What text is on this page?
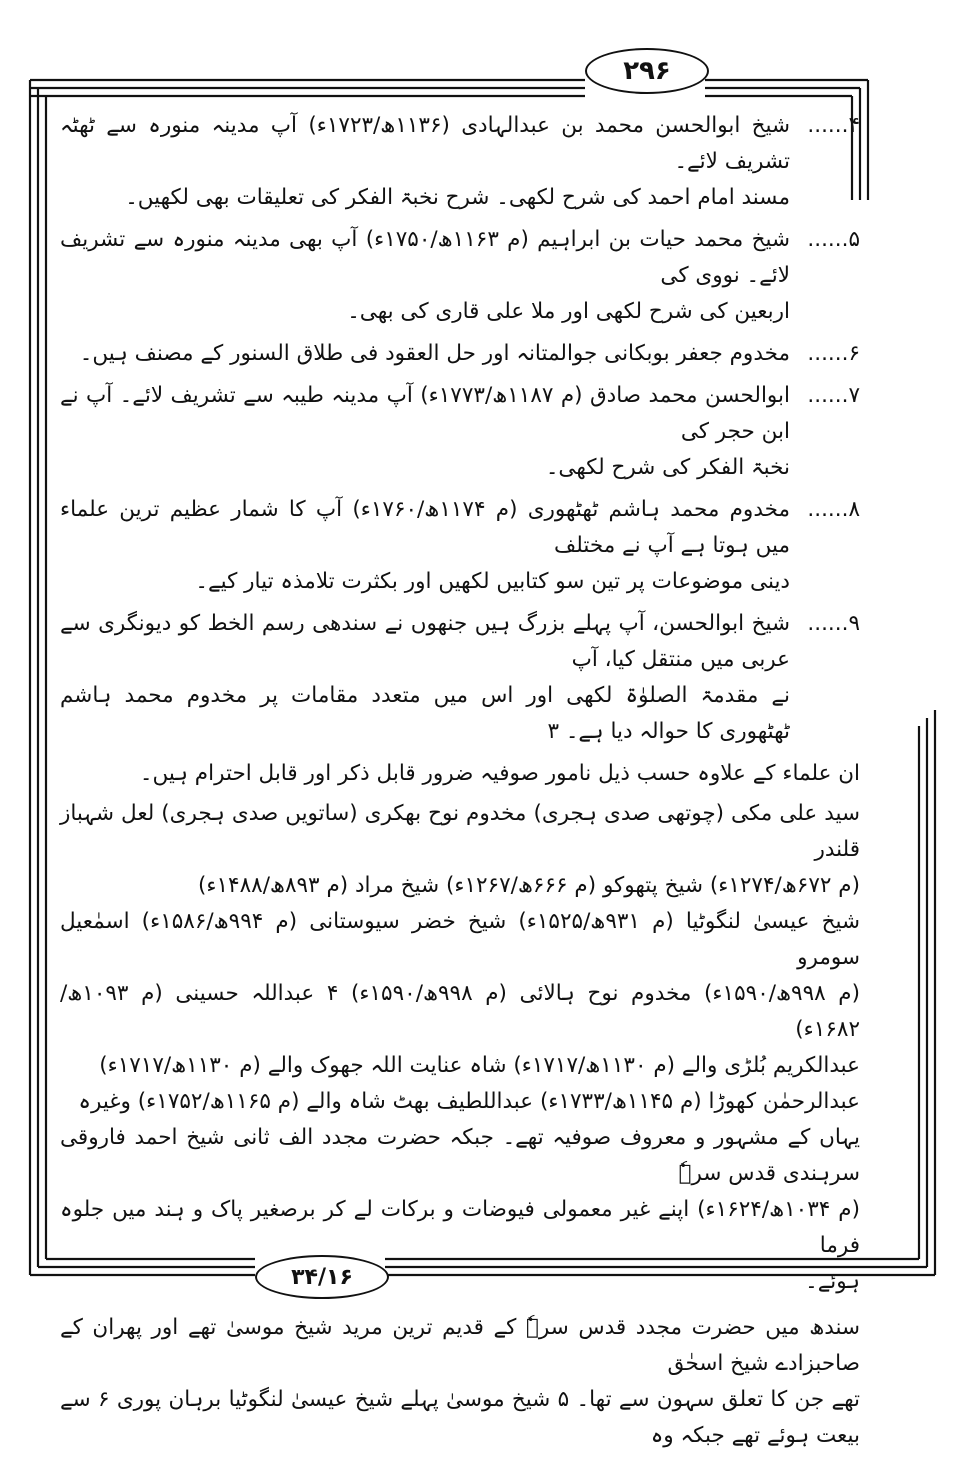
۲۹۶
۴......
شیخ ابوالحسن محمد بن عبدالہادی (۱۱۳۶ھ/۱۷۲۳ء) آپ مدینہ منورہ سے ٹھٹہ تشریف لائے۔
مسند امام احمد کی شرح لکھی۔ شرح نخبۃ الفکر کی تعلیقات بھی لکھیں۔
۵......
شیخ محمد حیات بن ابراہیم (م ۱۱۶۳ھ/۱۷۵۰ء) آپ بھی مدینہ منورہ سے تشریف لائے۔ نووی کی
اربعین کی شرح لکھی اور ملا علی قاری کی بھی۔
۶......
مخدوم جعفر بوبکانی جوالمتانہ اور حل العقود فی طلاق السنور کے مصنف ہیں۔
۷......
ابوالحسن محمد صادق (م ۱۱۸۷ھ/۱۷۷۳ء) آپ مدینہ طیبہ سے تشریف لائے۔ آپ نے ابن حجر کی
نخبۃ الفکر کی شرح لکھی۔
۸......
مخدوم محمد ہاشم ٹھٹھوری (م ۱۱۷۴ھ/۱۷۶۰ء) آپ کا شمار عظیم ترین علماء میں ہوتا ہے آپ نے مختلف
دینی موضوعات پر تین سو کتابیں لکھیں اور بکثرت تلامذہ تیار کیے۔
۹......
شیخ ابوالحسن، آپ پہلے بزرگ ہیں جنھوں نے سندھی رسم الخط کو دیونگری سے عربی میں منتقل کیا، آپ
نے مقدمۃ الصلوٰۃ لکھی اور اس میں متعدد مقامات پر مخدوم محمد ہاشم ٹھٹھوری کا حوالہ دیا ہے۔ ۳

ان علماء کے علاوہ حسب ذیل نامور صوفیہ ضرور قابل ذکر اور قابل احترام ہیں۔

سید علی مکی (چوتھی صدی ہجری) مخدوم نوح بھکری (ساتویں صدی ہجری) لعل شہباز قلندر
(م ۶۷۲ھ/۱۲۷۴ء) شیخ پتھوکو (م ۶۶۶ھ/۱۲۶۷ء) شیخ مراد (م ۸۹۳ھ/۱۴۸۸ء)
شیخ عیسیٰ لنگوٹیا (م ۹۳۱ھ/۱۵۲۵ء) شیخ خضر سیوستانی (م ۹۹۴ھ/۱۵۸۶ء) اسمٰعیل سومرو
(م ۹۹۸ھ/۱۵۹۰ء) مخدوم نوح ہالائی (م ۹۹۸ھ/۱۵۹۰ء) ۴ عبداللہ حسینی (م ۱۰۹۳ھ/۱۶۸۲ء)
عبدالکریم بُلڑی والے (م ۱۱۳۰ھ/۱۷۱۷ء) شاہ عنایت اللہ جھوک والے (م ۱۱۳۰ھ/۱۷۱۷ء)
عبدالرحمٰن کھوڑا (م ۱۱۴۵ھ/۱۷۳۳ء) عبداللطیف بھٹ شاہ والے (م ۱۱۶۵ھ/۱۷۵۲ء) وغیرہ
یہاں کے مشہور و معروف صوفیہ تھے۔ جبکہ حضرت مجدد الف ثانی شیخ احمد فاروقی سرہندی قدس سرہٗ
(م ۱۰۳۴ھ/۱۶۲۴ء) اپنے غیر معمولی فیوضات و برکات لے کر برصغیر پاک و ہند میں جلوہ فرما
ہوئے۔
سندھ میں حضرت مجدد قدس سرہٗ کے قدیم ترین مرید شیخ موسیٰ تھے اور پھران کے صاحبزادے شیخ اسحٰق
تھے جن کا تعلق سہون سے تھا۔ ۵ شیخ موسیٰ پہلے شیخ عیسیٰ لنگوٹیا برہان پوری ۶ سے بیعت ہوئے تھے جبکہ وہ
۳۴/۱۶
